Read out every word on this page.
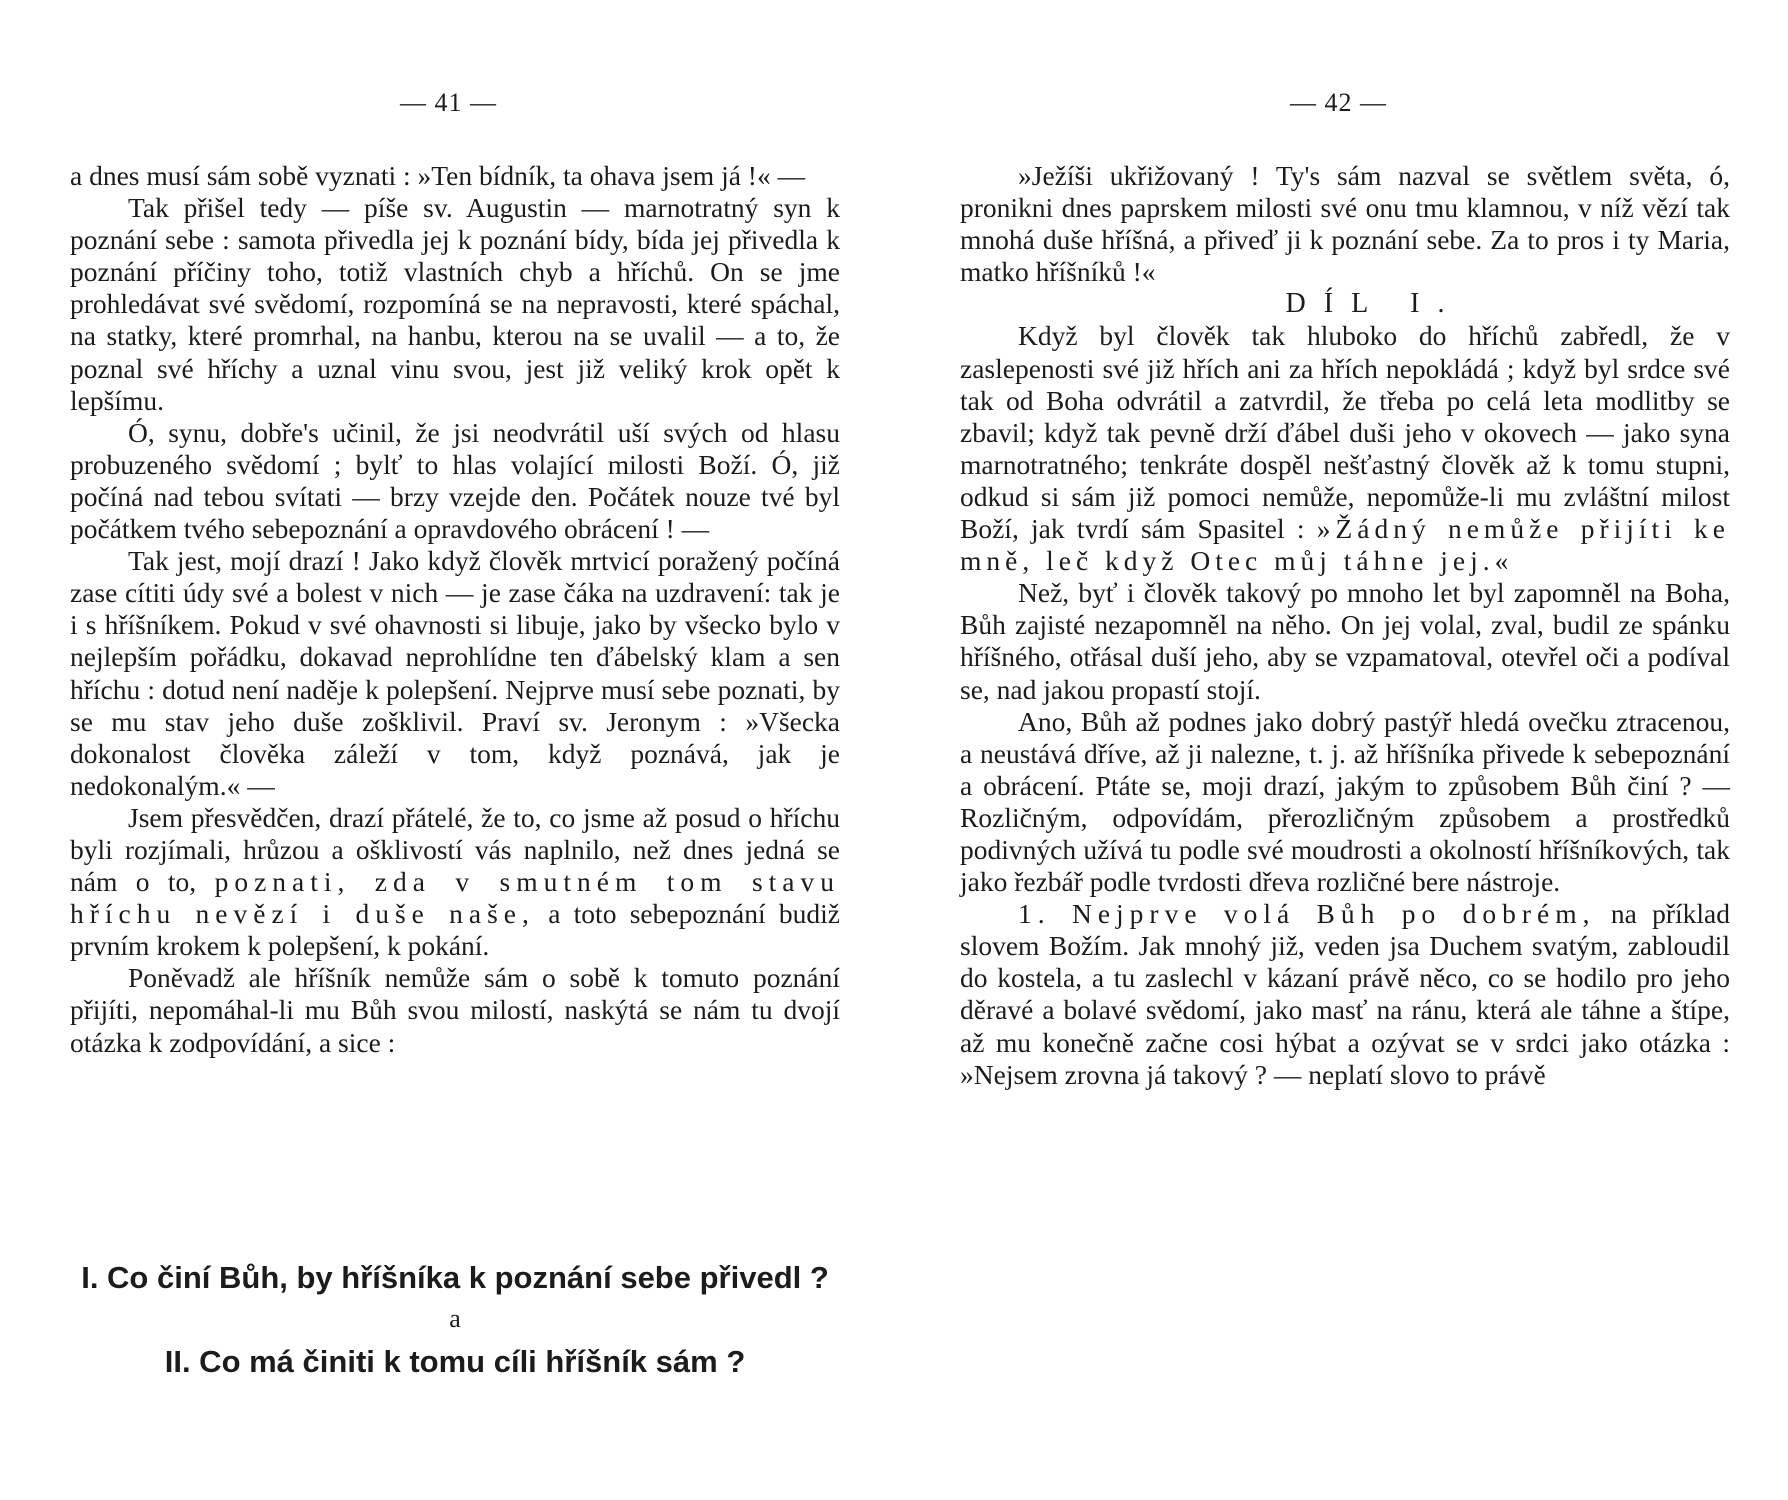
— 41 —

a dnes musí sám sobě vyznati : »Ten bídník, ta ohava jsem já !« —

Tak přišel tedy — píše sv. Augustin — marnotratný syn k poznání sebe : samota přivedla jej k poznání bídy, bída jej přivedla k poznání příčiny toho, totiž vlastních chyb a hříchů. On se jme prohledávat své svědomí, rozpomíná se na nepravosti, které spáchal, na statky, které promrhal, na hanbu, kterou na se uvalil — a to, že poznal své hříchy a uznal vinu svou, jest již veliký krok opět k lepšímu.

Ó, synu, dobře's učinil, že jsi neodvrátil uší svých od hlasu probuzeného svědomí ; bylť to hlas volající milosti Boží. Ó, již počíná nad tebou svítati — brzy vzejde den. Počátek nouze tvé byl počátkem tvého sebepoznání a opravdového obrácení ! —

Tak jest, mojí drazí ! Jako když člověk mrtvicí poražený počíná zase cítiti údy své a bolest v nich — je zase čáka na uzdravení: tak je i s hříšníkem. Pokud v své ohavnosti si libuje, jako by všecko bylo v nejlepším pořádku, dokavad neprohlídne ten ďábelský klam a sen hříchu : dotud není naděje k polepšení. Nejprve musí sebe poznati, by se mu stav jeho duše zošklivil. Praví sv. Jeronym : »Všecka dokonalost člověka záleží v tom, když poznává, jak je nedokonalým.« —

Jsem přesvědčen, drazí přátelé, že to, co jsme až posud o hříchu byli rozjímali, hrůzou a ošklivostí vás naplnilo, než dnes jedná se nám o to, poznati, zda v smutném tom stavu hříchu nevězí i duše naše, a toto sebepoznání budiž prvním krokem k polepšení, k pokání.

Poněvadž ale hříšník nemůže sám o sobě k tomuto poznání přijíti, nepomáhal-li mu Bůh svou milostí, naskýtá se nám tu dvojí otázka k zodpovídání, a sice :

I. Co činí Bůh, by hříšníka k poznání sebe přivedl ?

a

II. Co má činiti k tomu cíli hříšník sám ?

— 42 —

»Ježíši ukřižovaný ! Ty's sám nazval se světlem světa, ó, pronikni dnes paprskem milosti své onu tmu klamnou, v níž vězí tak mnohá duše hříšná, a přiveď ji k poznání sebe. Za to pros i ty Maria, matko hříšníků !«

DÍL I.

Když byl člověk tak hluboko do hříchů zabředl, že v zaslepenosti své již hřích ani za hřích nepokládá ; když byl srdce své tak od Boha odvrátil a zatvrdil, že třeba po celá leta modlitby se zbavil; když tak pevně drží ďábel duši jeho v okovech — jako syna marnotratného; tenkráte dospěl nešťastný člověk až k tomu stupni, odkud si sám již pomoci nemůže, nepomůže-li mu zvláštní milost Boží, jak tvrdí sám Spasitel : »Žádný nemůže přijíti ke mně, leč když Otec můj táhne jej.«

Než, byť i člověk takový po mnoho let byl zapomněl na Boha, Bůh zajisté nezapomněl na něho. On jej volal, zval, budil ze spánku hříšného, otřásal duší jeho, aby se vzpamatoval, otevřel oči a podíval se, nad jakou propastí stojí.

Ano, Bůh až podnes jako dobrý pastýř hledá ovečku ztracenou, a neustává dříve, až ji nalezne, t. j. až hříšníka přivede k sebepoznání a obrácení. Ptáte se, moji drazí, jakým to způsobem Bůh činí ? — Rozličným, odpovídám, přerozličným způsobem a prostředků podivných užívá tu podle své moudrosti a okolností hříšníkových, tak jako řezbář podle tvrdosti dřeva rozličné bere nástroje.

1. Nejprve volá Bůh po dobrém, na příklad slovem Božím. Jak mnohý již, veden jsa Duchem svatým, zabloudil do kostela, a tu zaslechl v kázaní právě něco, co se hodilo pro jeho děravé a bolavé svědomí, jako masť na ránu, která ale táhne a štípe, až mu konečně začne cosi hýbat a ozývat se v srdci jako otázka : »Nejsem zrovna já takový ? — neplatí slovo to právě
